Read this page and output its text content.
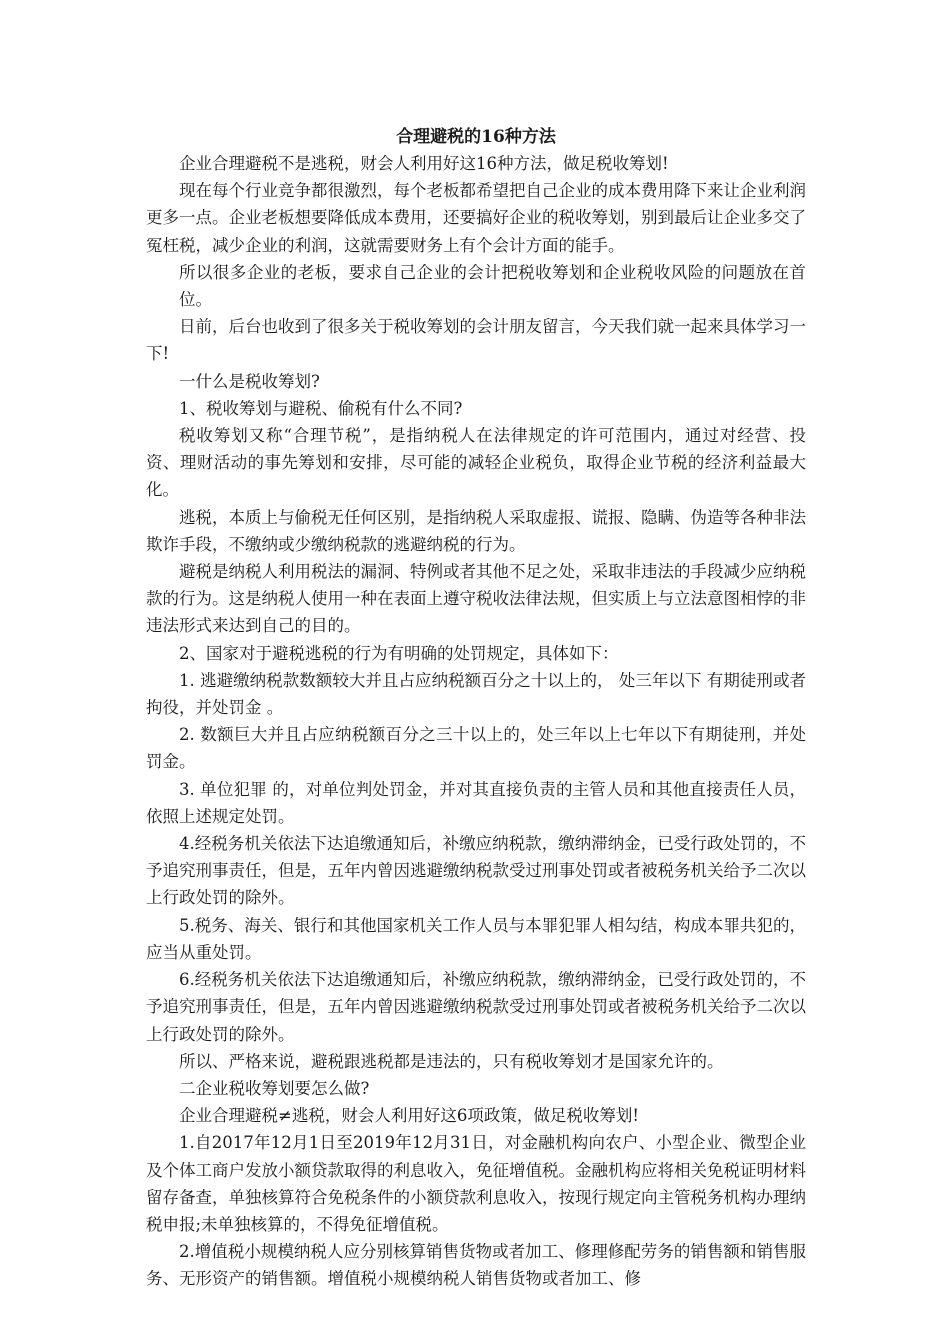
合理避税的16种方法

企业合理避税不是逃税，财会人利用好这16种方法，做足税收筹划!

现在每个行业竞争都很激烈，每个老板都希望把自己企业的成本费用降下来让企业利润更多一点。企业老板想要降低成本费用，还要搞好企业的税收筹划，别到最后让企业多交了冤枉税，减少企业的利润，这就需要财务上有个会计方面的能手。

所以很多企业的老板，要求自己企业的会计把税收筹划和企业税收风险的问题放在首位。

日前，后台也收到了很多关于税收筹划的会计朋友留言，今天我们就一起来具体学习一下!

一什么是税收筹划?

1、税收筹划与避税、偷税有什么不同?

税收筹划又称“合理节税”，是指纳税人在法律规定的许可范围内，通过对经营、投资、理财活动的事先筹划和安排，尽可能的减轻企业税负，取得企业节税的经济利益最大化。

逃税，本质上与偷税无任何区别，是指纳税人采取虚报、谎报、隐瞒、伪造等各种非法欺诈手段，不缴纳或少缴纳税款的逃避纳税的行为。

避税是纳税人利用税法的漏洞、特例或者其他不足之处，采取非违法的手段减少应纳税款的行为。这是纳税人使用一种在表面上遵守税收法律法规，但实质上与立法意图相悖的非违法形式来达到自己的目的。

2、国家对于避税逃税的行为有明确的处罚规定，具体如下：

1. 逃避缴纳税款数额较大并且占应纳税额百分之十以上的， 处三年以下 有期徒刑或者拘役，并处罚金 。

2. 数额巨大并且占应纳税额百分之三十以上的，处三年以上七年以下有期徒刑，并处罚金。

3. 单位犯罪 的，对单位判处罚金，并对其直接负责的主管人员和其他直接责任人员，依照上述规定处罚。

4.经税务机关依法下达追缴通知后，补缴应纳税款，缴纳滞纳金，已受行政处罚的，不予追究刑事责任，但是，五年内曾因逃避缴纳税款受过刑事处罚或者被税务机关给予二次以上行政处罚的除外。

5.税务、海关、银行和其他国家机关工作人员与本罪犯罪人相勾结，构成本罪共犯的，应当从重处罚。

6.经税务机关依法下达追缴通知后，补缴应纳税款，缴纳滞纳金，已受行政处罚的，不予追究刑事责任，但是，五年内曾因逃避缴纳税款受过刑事处罚或者被税务机关给予二次以上行政处罚的除外。

所以、严格来说，避税跟逃税都是违法的，只有税收筹划才是国家允许的。

二企业税收筹划要怎么做?

企业合理避税≠逃税，财会人利用好这6项政策，做足税收筹划!

1.自2017年12月1日至2019年12月31日，对金融机构向农户、小型企业、微型企业及个体工商户发放小额贷款取得的利息收入，免征增值税。金融机构应将相关免税证明材料留存备查，单独核算符合免税条件的小额贷款利息收入，按现行规定向主管税务机构办理纳税申报;未单独核算的，不得免征增值税。

2.增值税小规模纳税人应分别核算销售货物或者加工、修理修配劳务的销售额和销售服务、无形资产的销售额。增值税小规模纳税人销售货物或者加工、修
